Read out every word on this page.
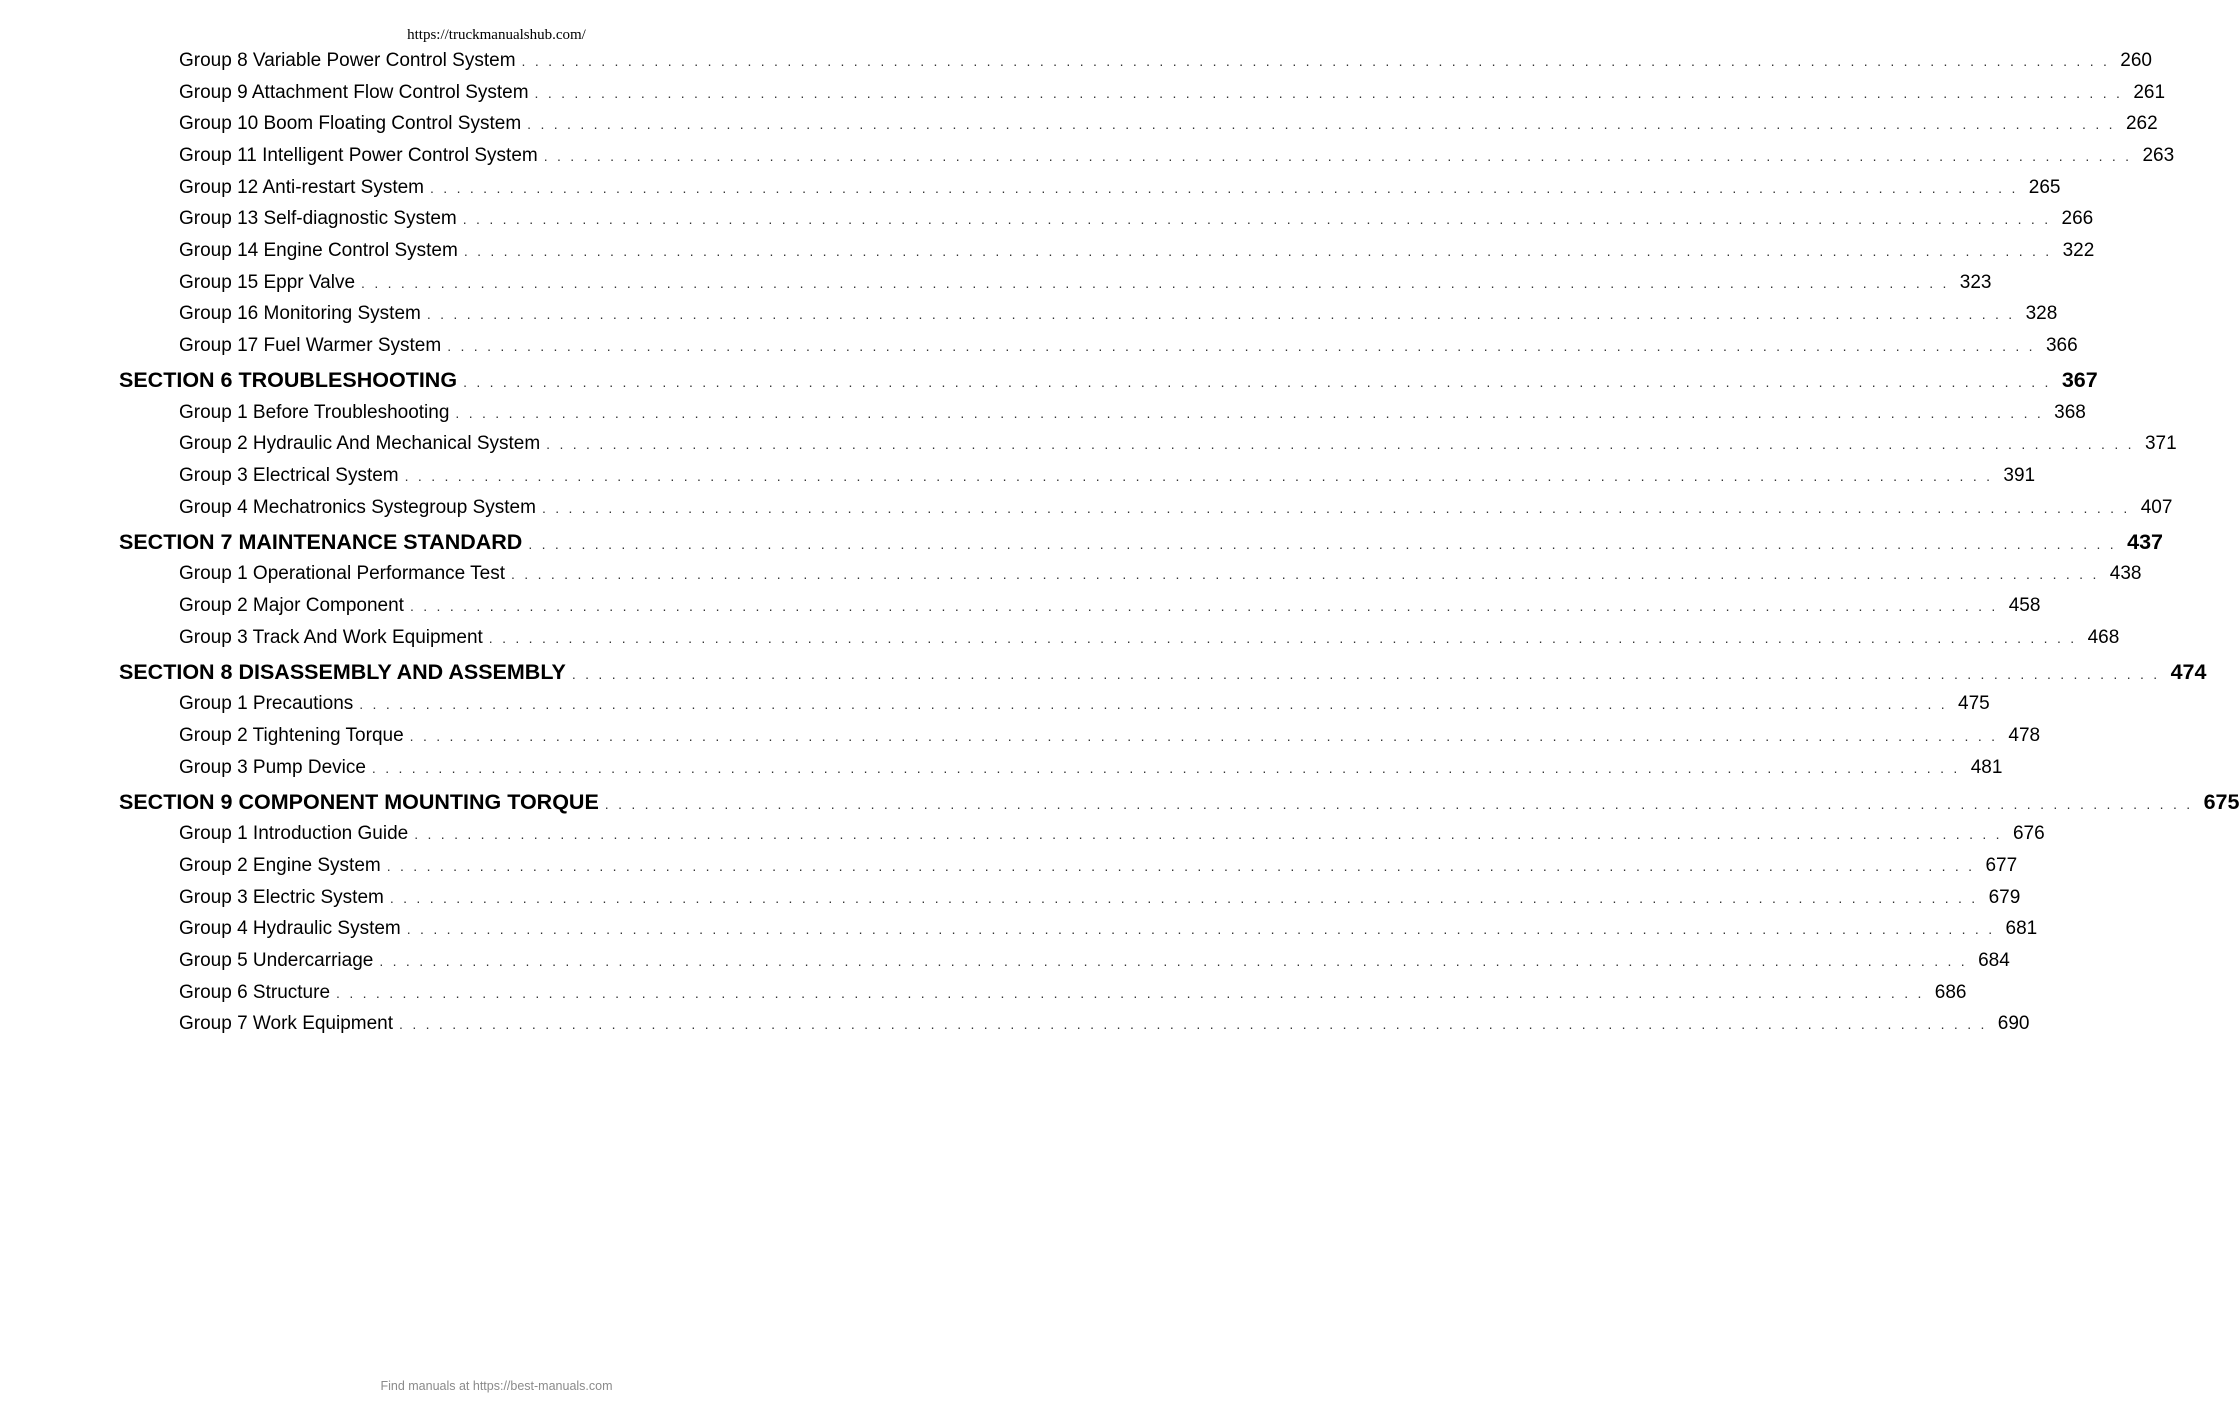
https://truckmanualshub.com/
Group 8 Variable Power Control System ........................................................................................................................ 260
Group 9 Attachment Flow Control System ........................................................................................................................ 261
Group 10 Boom Floating Control System ........................................................................................................................ 262
Group 11 Intelligent Power Control System ........................................................................................................................ 263
Group 12 Anti-restart System ........................................................................................................................ 265
Group 13 Self-diagnostic System ........................................................................................................................ 266
Group 14 Engine Control System ........................................................................................................................ 322
Group 15 Eppr Valve ........................................................................................................................ 323
Group 16 Monitoring System ........................................................................................................................ 328
Group 17 Fuel Warmer System ........................................................................................................................ 366
SECTION 6 TROUBLESHOOTING ........................................................................................................................ 367
Group 1 Before Troubleshooting ........................................................................................................................ 368
Group 2 Hydraulic And Mechanical System ........................................................................................................................ 371
Group 3 Electrical System ........................................................................................................................ 391
Group 4 Mechatronics Systegroup System ........................................................................................................................ 407
SECTION 7 MAINTENANCE STANDARD ........................................................................................................................ 437
Group 1 Operational Performance Test ........................................................................................................................ 438
Group 2 Major Component ........................................................................................................................ 458
Group 3 Track And Work Equipment ........................................................................................................................ 468
SECTION 8 DISASSEMBLY AND ASSEMBLY ........................................................................................................................ 474
Group 1 Precautions ........................................................................................................................ 475
Group 2 Tightening Torque ........................................................................................................................ 478
Group 3 Pump Device ........................................................................................................................ 481
SECTION 9 COMPONENT MOUNTING TORQUE ........................................................................................................................ 675
Group 1 Introduction Guide ........................................................................................................................ 676
Group 2 Engine System ........................................................................................................................ 677
Group 3 Electric System ........................................................................................................................ 679
Group 4 Hydraulic System ........................................................................................................................ 681
Group 5 Undercarriage ........................................................................................................................ 684
Group 6 Structure ........................................................................................................................ 686
Group 7 Work Equipment ........................................................................................................................ 690
Find manuals at https://best-manuals.com
